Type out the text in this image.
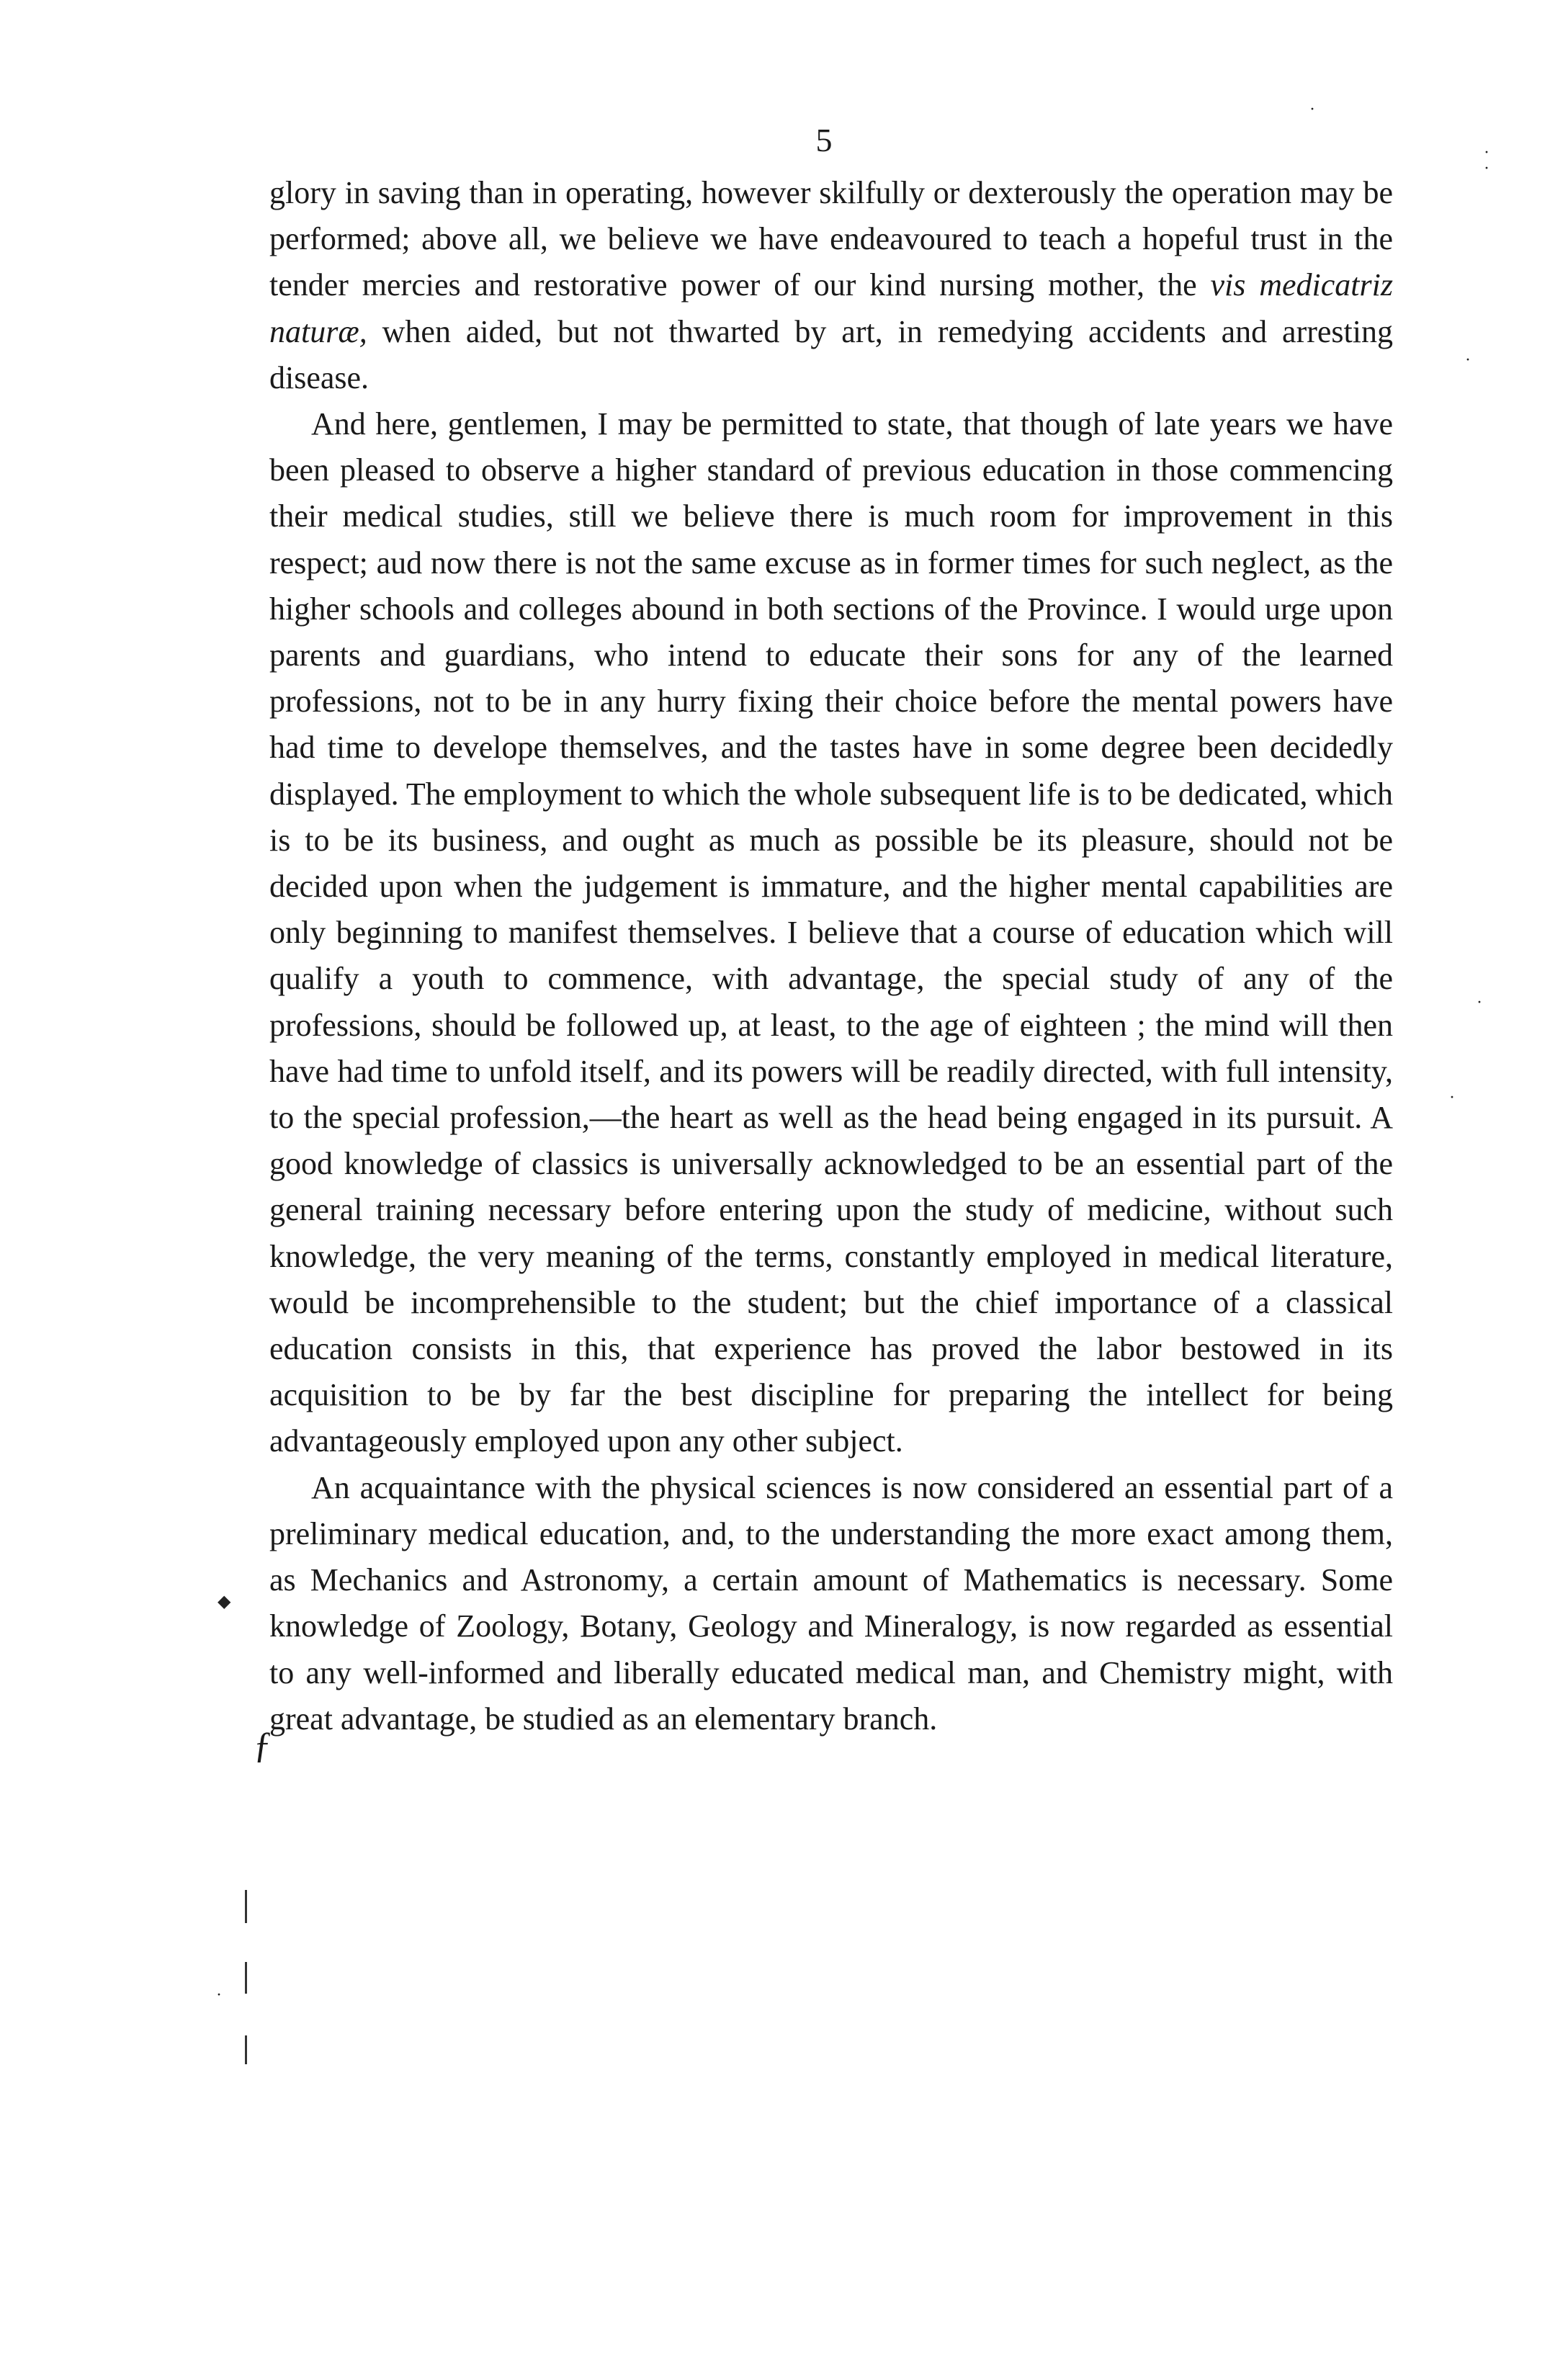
5
·
·
·
·
·
·
◆
ƒ
·

glory in saving than in operating, however skilfully or dexterously the operation may be performed; above all, we believe we have endeavoured to teach a hopeful trust in the tender mercies and restorative power of our kind nursing mother, the vis medicatriz naturæ, when aided, but not thwarted by art, in remedying accidents and arresting disease.

And here, gentlemen, I may be permitted to state, that though of late years we have been pleased to observe a higher standard of previous education in those commencing their medical studies, still we believe there is much room for improvement in this respect; aud now there is not the same excuse as in former times for such neglect, as the higher schools and colleges abound in both sections of the Province. I would urge upon parents and guardians, who intend to educate their sons for any of the learned professions, not to be in any hurry fixing their choice before the mental powers have had time to develope themselves, and the tastes have in some degree been decidedly displayed. The employment to which the whole subsequent life is to be dedicated, which is to be its business, and ought as much as possible be its pleasure, should not be decided upon when the judgement is immature, and the higher mental capabilities are only beginning to manifest themselves. I believe that a course of education which will qualify a youth to commence, with advantage, the special study of any of the professions, should be followed up, at least, to the age of eighteen ; the mind will then have had time to unfold itself, and its powers will be readily directed, with full intensity, to the special profession,—the heart as well as the head being engaged in its pursuit. A good knowledge of classics is universally acknowledged to be an essential part of the general training necessary before entering upon the study of medicine, without such knowledge, the very meaning of the terms, constantly employed in medical literature, would be incomprehensible to the student; but the chief importance of a classical education consists in this, that experience has proved the labor bestowed in its acquisition to be by far the best discipline for preparing the intellect for being advantageously employed upon any other subject.

An acquaintance with the physical sciences is now considered an essential part of a preliminary medical education, and, to the understanding the more exact among them, as Mechanics and Astronomy, a certain amount of Mathematics is necessary. Some knowledge of Zoology, Botany, Geology and Mineralogy, is now regarded as essential to any well-informed and liberally educated medical man, and Chemistry might, with great advantage, be studied as an elementary branch.
